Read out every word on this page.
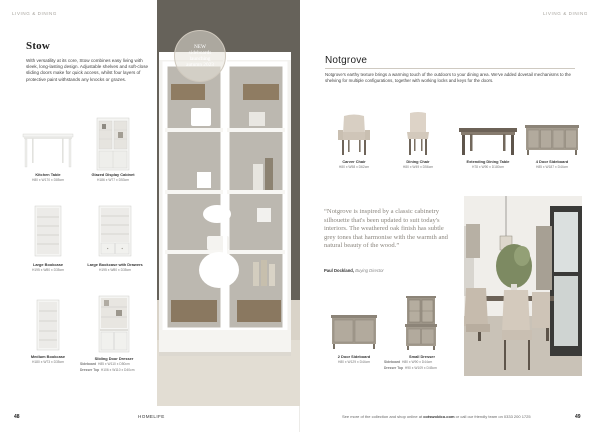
LIVING & DINING	LIVING & DINING
Stow
With versatility at its core, Stow combines easy living with sleek, long-lasting design. Adjustable shelves and soft-close sliding doors make for quick access, whilst four layers of protective paint withstands any knocks or grazes.
Kitchen Table
H80 x W170 x D85cm
Glazed Display Cabinet
H186 x W77 x D53cm
Large Bookcase
H195 x W80 x D35cm
Large Bookcase with Drawers
H195 x W80 x D35cm
Medium Bookcase
H180 x W73 x D35cm
Sliding Door Dresser
Sideboard H85 x W110 x D50cm
Dresser Top H106 x W110 x D40cm
NEW
sideboards
launching
autumn 2023	Notgrove
Notgrove's earthy texture brings a warming touch of the outdoors to your dining area. We've added dovetail mechanisms to the shelving for multiple configurations, together with working locks and keys for the doors.
Carver Chair
H80 x W58 x D62cm
Dining Chair
H80 x W49 x D56cm
Extending Dining Table
H78 x W90 x D180cm
4 Door Sideboard
H85 x W187 x D44cm
“Notgrove is inspired by a classic cabinetry silhouette that's been updated to suit today's interiors. The weathered oak finish has subtle grey tones that harmonise with the warmth and natural beauty of the wood.”
Paul Dockland, Buying Director
2 Door Sideboard
H80 x W129 x D44cm
Small Dresser
Sideboard H80 x W90 x D44cm
Dresser Top H90 x W109 x D45cm
48	HOMELIFE	See more of the collection and shop online at cotswoldco.com or call our friendly team on 0333 200 1725	49
